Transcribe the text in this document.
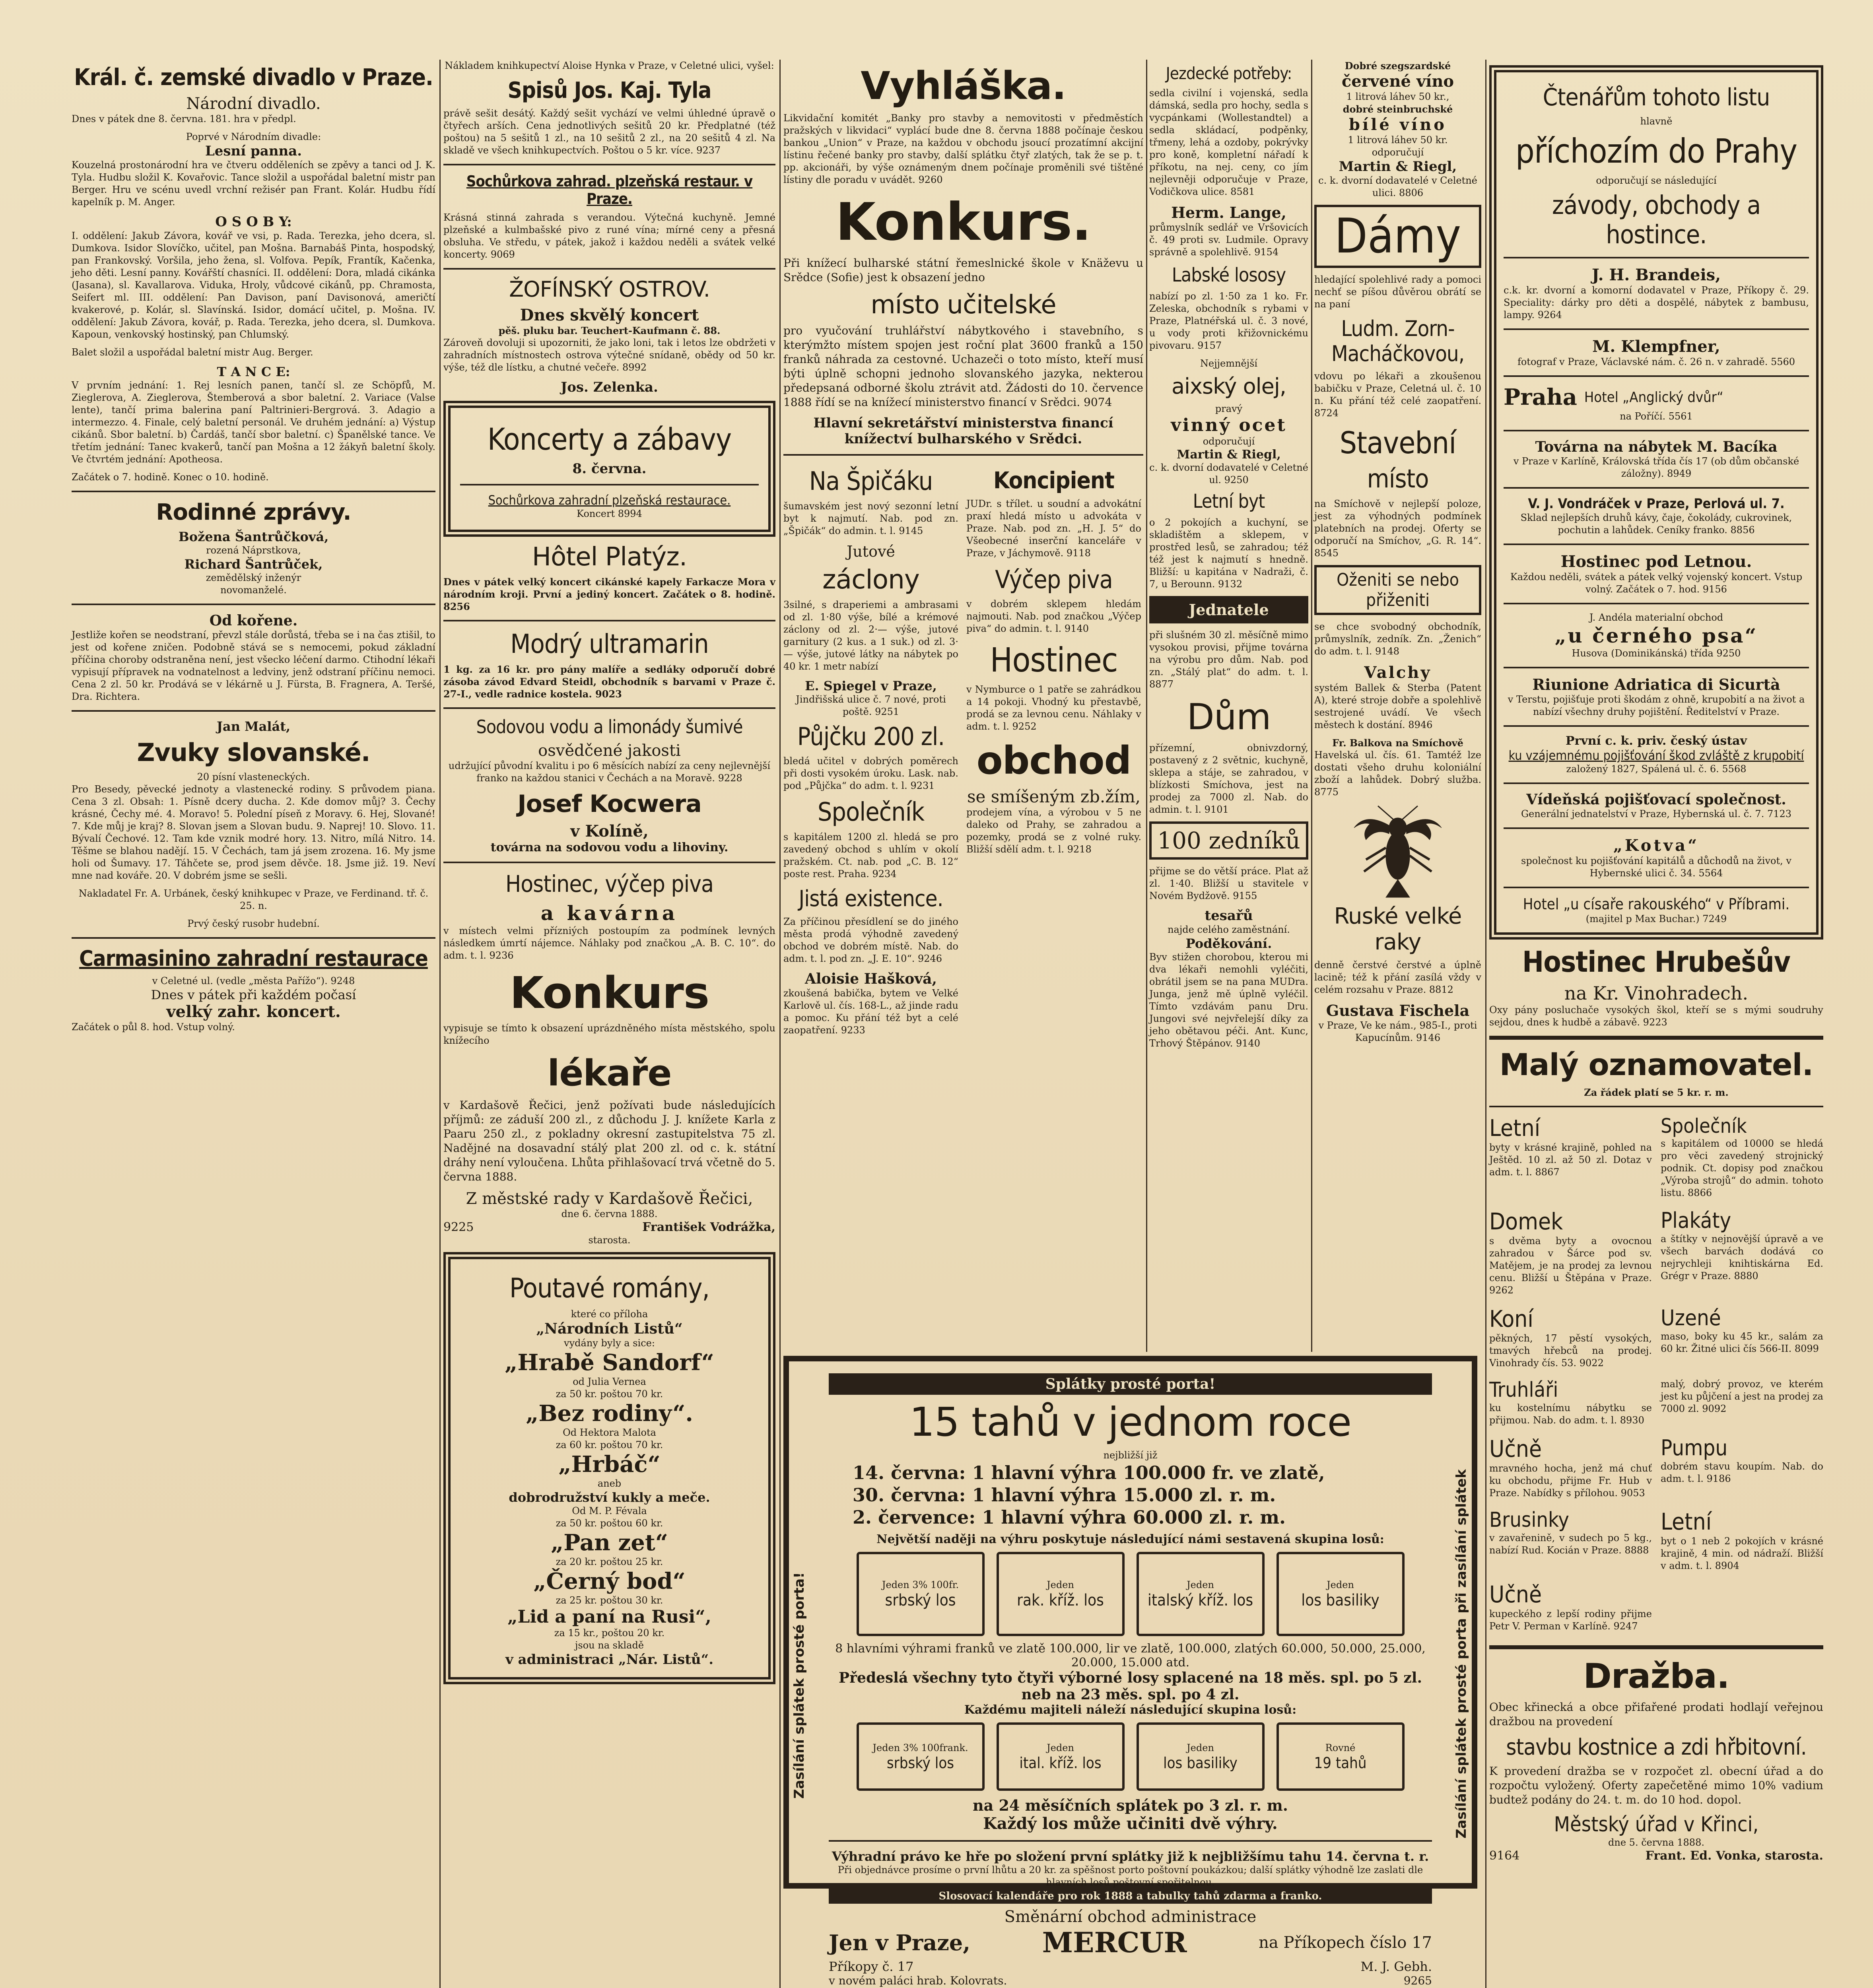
Král. č. zemské divadlo v Praze.
Národní divadlo.
Dnes v pátek dne 8. června. 181. hra v předpl.
Poprvé v Národním divadle:
Lesní panna.

Kouzelná prostonárodní hra ve čtveru odděleních se zpěvy a tanci od J. K. Tyla. Hudbu složil K. Kovařovic. Tance složil a uspořádal baletní mistr pan Berger. Hru ve scénu uvedl vrchní režisér pan Frant. Kolár. Hudbu řídí kapelník p. M. Anger.

O S O B Y:

I. oddělení: Jakub Závora, kovář ve vsi, p. Rada. Terezka, jeho dcera, sl. Dumkova. Isidor Slovíčko, učitel, pan Mošna. Barnabáš Pinta, hospodský, pan Frankovský. Voršila, jeho žena, sl. Volfova. Pepík, Frantík, Kačenka, jeho děti. Lesní panny. Kovářští chasníci. II. oddělení: Dora, mladá cikánka (Jasana), sl. Kavallarova. Viduka, Hroly, vůdcové cikánů, pp. Chramosta, Seifert ml. III. oddělení: Pan Davison, paní Davisonová, američtí kvakerové, p. Kolár, sl. Slavínská. Isidor, domácí učitel, p. Mošna. IV. oddělení: Jakub Závora, kovář, p. Rada. Terezka, jeho dcera, sl. Dumkova. Kapoun, venkovský hostinský, pan Chlumský.

Balet složil a uspořádal baletní mistr Aug. Berger.

T A N C E:

V prvním jednání: 1. Rej lesních panen, tančí sl. ze Schöpfů, M. Zieglerova, A. Zieglerova, Štemberová a sbor baletní. 2. Variace (Valse lente), tančí prima balerina paní Paltrinieri-Bergrová. 3. Adagio a intermezzo. 4. Finale, celý baletní personál. Ve druhém jednání: a) Výstup cikánů. Sbor baletní. b) Čardáš, tančí sbor baletní. c) Španělské tance. Ve třetím jednání: Tanec kvakerů, tančí pan Mošna a 12 žákyň baletní školy. Ve čtvrtém jednání: Apotheosa.

Začátek o 7. hodině. Konec o 10. hodině.
Rodinné zprávy.
Božena Šantrůčková,
rozená Náprstkova,
Richard Šantrůček,
zemědělský inženýr
novomanželé.
Od kořene.

Jestliže kořen se neodstraní, převzl stále dorůstá, třeba se i na čas ztišil, to jest od kořene zničen. Podobně stává se s nemocemi, pokud základní příčina choroby odstraněna není, jest všecko léčení darmo. Ctihodní lékaři vypisují přípravek na vodnatelnost a ledviny, jenž odstraní příčinu nemoci. Cena 2 zl. 50 kr. Prodává se v lékárně u J. Fürsta, B. Fragnera, A. Teršé, Dra. Richtera.

Jan Malát,
Zvuky slovanské.
20 písní vlasteneckých.

Pro Besedy, pěvecké jednoty a vlastenecké rodiny. S průvodem piana. Cena 3 zl. Obsah: 1. Písně dcery ducha. 2. Kde domov můj? 3. Čechy krásné, Čechy mé. 4. Moravo! 5. Polední píseň z Moravy. 6. Hej, Slované! 7. Kde můj je kraj? 8. Slovan jsem a Slovan budu. 9. Naprej! 10. Slovo. 11. Bývalí Čechové. 12. Tam kde vznik modré hory. 13. Nitro, mílá Nitro. 14. Těšme se blahou nadějí. 15. V Čechách, tam já jsem zrozena. 16. My jsme holi od Šumavy. 17. Táhčete se, prod jsem děvče. 18. Jsme již. 19. Neví mne nad kováře. 20. V dobrém jsme se sešli.

Nakladatel Fr. A. Urbánek, český knihkupec v Praze, ve Ferdinand. tř. č. 25. n.

Prvý český rusobr hudební.
Carmasinino zahradní restaurace
v Celetné ul. (vedle „města Pařížo“). 9248
Dnes v pátek při každém počasí
velký zahr. koncert.
Začátek o půl 8. hod. Vstup volný.

Nákladem knihkupectví Aloise Hynka v Praze, v Celetné ulici, vyšel:

Spisů Jos. Kaj. Tyla

právě sešit desátý. Každý sešit vychází ve velmi úhledné úpravě o čtyřech arších. Cena jednotlivých sešitů 20 kr. Předplatné (též poštou) na 5 sešitů 1 zl., na 10 sešitů 2 zl., na 20 sešitů 4 zl. Na skladě ve všech knihkupectvích. Poštou o 5 kr. více. 9237

Sochůrkova zahrad. plzeňská restaur. v Praze.

Krásná stinná zahrada s verandou. Výtečná kuchyně. Jemné plzeňské a kulmbašské pivo z runé vína; mírné ceny a přesná obsluha. Ve středu, v pátek, jakož i každou neděli a svátek velké koncerty. 9069

ŽOFÍNSKÝ OSTROV.
Dnes skvělý koncert
pěš. pluku bar. Teuchert-Kaufmann č. 88.

Zároveň dovoluji si upozorniti, že jako loni, tak i letos lze obdržeti v zahradních místnostech ostrova výtečné snídaně, obědy od 50 kr. výše, též dle lístku, a chutné večeře. 8992

Jos. Zelenka.
Koncerty a zábavy
8. června.
Sochůrkova zahradní plzeňská restaurace.
Koncert 8994
Hôtel Platýz.

Dnes v pátek velký koncert cikánské kapely Farkacze Mora v národním kroji. První a jediný koncert. Začátek o 8. hodině. 8256

Modrý ultramarin

1 kg. za 16 kr. pro pány malíře a sedláky odporučí dobré zásoba závod Edvard Steidl, obchodník s barvami v Praze č. 27-I., vedle radnice kostela. 9023

Sodovou vodu a limonády šumivé
osvědčené jakosti

udržující původní kvalitu i po 6 měsících nabízí za ceny nejlevnější franko na každou stanici v Čechách a na Moravě. 9228

Josef Kocwera
v Kolíně,
továrna na sodovou vodu a lihoviny.
Hostinec, výčep piva
a kavárna

v místech velmi přízniých postoupím za podmínek levných následkem úmrtí nájemce. Náhlaky pod značkou „A. B. C. 10“. do adm. t. l. 9236

Konkurs

vypisuje se tímto k obsazení uprázdněného místa městského, spolu knížecího

lékaře

v Kardašově Řečici, jenž požívati bude následujících příjmů: ze záduší 200 zl., z důchodu J. J. knížete Karla z Paaru 250 zl., z pokladny okresní zastupitelstva 75 zl. Nadějné na dosavadní stálý plat 200 zl. od c. k. státní dráhy není vyloučena. Lhůta přihlašovací trvá včetně do 5. června 1888.

Z městské rady v Kardašově Řečici,
dne 6. června 1888.
9225	František Vodrážka,
starosta.
Poutavé romány,
které co příloha
„Národních Listů“
vydány byly a sice:
„Hrabě Sandorf“
od Julia Vernea
za 50 kr. poštou 70 kr.
„Bez rodiny“.
Od Hektora Malota
za 60 kr. poštou 70 kr.
„Hrbáč“
aneb
dobrodružství kukly a meče.
Od M. P. Févala
za 50 kr. poštou 60 kr.
„Pan zet“
za 20 kr. poštou 25 kr.
„Černý bod“
za 25 kr. poštou 30 kr.
„Lid a paní na Rusi“,
za 15 kr., poštou 20 kr.
jsou na skladě
v administraci „Nár. Listů“.
Vyhláška.

Likvidační komitét „Banky pro stavby a nemovitosti v předměstích pražských v likvidaci“ vyplácí bude dne 8. června 1888 počínaje českou bankou „Union“ v Praze, na každou v obchodu jsoucí prozatímní akcijní lístinu řečené banky pro stavby, další splátku čtyř zlatých, tak že se p. t. pp. akcionáři, by výše oznámeným dnem počínaje proměnili své tištěné lístiny dle poradu v uvádět. 9260

Konkurs.

Při knížecí bulharské státní řemeslnické škole v Knäževu u Srědce (Sofie) jest k obsazení jedno

místo učitelské

pro vyučování truhlářství nábytkového i stavebního, s kterýmžto místem spojen jest roční plat 3600 franků a 150 franků náhrada za cestovné. Uchazeči o toto místo, kteří musí býti úplně schopni jednoho slovanského jazyka, nekterou předepsaná odborné školu ztrávit atd. Žádosti do 10. července 1888 řídí se na knížecí ministerstvo financí v Srědci. 9074

Hlavní sekretářství ministerstva financí knížectví bulharského v Srědci.
Na Špičáku

šumavském jest nový sezonní letní byt k najmutí. Nab. pod zn. „Špičák“ do admin. t. l. 9145

Jutové
záclony

3silné, s draperiemi a ambrasami od zl. 1·80 výše, bílé a krémové záclony od zl. 2·— výše, jutové garnitury (2 kus. a 1 suk.) od zl. 3·— výše, jutové látky na nábytek po 40 kr. 1 metr nabízí

E. Spiegel v Praze,
Jindřišská ulice č. 7 nové, proti poště. 9251
Půjčku 200 zl.

bledá učitel v dobrých poměrech při dosti vysokém úroku. Lask. nab. pod „Půjčka“ do adm. t. l. 9231

Společník

s kapitálem 1200 zl. hledá se pro zavedený obchod s uhlím v okolí pražském. Ct. nab. pod „C. B. 12“ poste rest. Praha. 9234

Jistá existence.

Za příčinou přesídlení se do jiného města prodá výhodně zavedený obchod ve dobrém místě. Nab. do adm. t. l. pod zn. „J. E. 10“. 9246

Aloisie Hašková,

zkoušená babička, bytem ve Velké Karlově ul. čís. 168-L., až jinde radu a pomoc. Ku přání též byt a celé zaopatření. 9233

Koncipient

JUDr. s třílet. u soudní a advokátní praxí hledá místo u advokáta v Praze. Nab. pod zn. „H. J. 5“ do Všeobecné inserční kanceláře v Praze, v Jáchymově. 9118

Výčep piva

v dobrém sklepem hledám najmouti. Nab. pod značkou „Výčep piva“ do admin. t. l. 9140

Hostinec

v Nymburce o 1 patře se zahrádkou a 14 pokoji. Vhodný ku přestavbě, prodá se za levnou cenu. Náhlaky v adm. t. l. 9252

obchod
se smíšeným zb.žím,

prodejem vína, a výrobou v 5 ne daleko od Prahy, se zahradou a pozemky, prodá se z volné ruky. Bližší sdělí adm. t. l. 9218

Jezdecké potřeby:

sedla civilní i vojenská, sedla dámská, sedla pro hochy, sedla s vycpánkami (Wollestandtel) a sedla skládací, podpěnky, třmeny, lehá a ozdoby, pokrývky pro koně, kompletní nářadí k příkotu, na nej. ceny, co jím nejlevněji odporučuje v Praze, Vodičkova ulice. 8581

Herm. Lange,

průmyslník sedlář ve Vršovicích č. 49 proti sv. Ludmile. Opravy správně a spolehlivě. 9154

Labské lososy

nabízí po zl. 1·50 za 1 ko. Fr. Zeleska, obchodník s rybami v Praze, Platnéřská ul. č. 3 nové, u vody proti křižovnickému pivovaru. 9157

Nejjemnější
aixský olej,
pravý
vinný ocet
odporučují
Martin & Riegl,
c. k. dvorní dodavatelé v Celetné ul. 9250
Letní byt

o 2 pokojích a kuchyní, se skladištěm a sklepem, v prostřed lesů, se zahradou; též též jest k najmutí s hnedně. Bližší: u kapitána v Nadraži, č. 7, u Berounn. 9132

Jednatele

při slušném 30 zl. měsíčně mimo vysokou provisi, přijme továrna na výrobu pro dům. Nab. pod zn. „Stálý plat“ do adm. t. l. 8877

Dům

přízemní, obnivzdorný, postavený z 2 světnic, kuchyně, sklepa a stáje, se zahradou, v blízkosti Smíchova, jest na prodej za 7000 zl. Nab. do admin. t. l. 9101

100 zedníků

přijme se do větší práce. Plat až zl. 1·40. Bližší u stavitele v Novém Bydžově. 9155

tesařů
najde celého zaměstnání.
Poděkování.

Byv stižen chorobou, kterou mi dva lékaři nemohli vyléčiti, obrátil jsem se na pana MUDra. Junga, jenž mě úplně vyléčil. Tímto vzdávám panu Dru. Jungovi své nejvřelejší díky za jeho obětavou péči. Ant. Kunc, Trhový Štěpánov. 9140

Dobré szegszardské
červené víno
1 litrová láhev 50 kr.,
dobré steinbruchské
bílé víno
1 litrová láhev 50 kr.
odporučují
Martin & Riegl,
c. k. dvorní dodavatelé v Celetné ulici. 8806
Dámy

hledající spolehlivé rady a pomoci nechť se píšou důvěrou obrátí se na paní

Ludm. Zorn-Macháčkovou,

vdovu po lékaři a zkoušenou babičku v Praze, Celetná ul. č. 10 n. Ku přání též celé zaopatření. 8724

Stavební
místo

na Smíchově v nejlepší poloze, jest za výhodných podmínek platebních na prodej. Oferty se odporučí na Smíchov, „G. R. 14“. 8545

Oženiti se nebo přiženiti

se chce svobodný obchodník, průmyslník, zedník. Zn. „Ženich“ do adm. t. l. 9148

Valchy

systém Ballek & Sterba (Patent A), které stroje dobře a spolehlivě sestrojené uvádí. Ve všech městech k dostání. 8946

Fr. Balkova na Smíchově

Havelská ul. čís. 61. Tamtéž lze dostati všeho druhu koloniální zboží a lahůdek. Dobrý služba. 8775

Ruské velké raky

denně čerstvé čerstvé a úplně lacině; též k přání zasílá vždy v celém rozsahu v Praze. 8812

Gustava Fischela
v Praze, Ve ke nám., 985-I., proti Kapucínům. 9146
Čtenářům tohoto listu
hlavně
příchozím do Prahy
odporučují se následující
závody, obchody a hostince.
J. H. Brandeis,

c.k. kr. dvorní a komorní dodavatel v Praze, Příkopy č. 29. Speciality: dárky pro děti a dospělé, nábytek z bambusu, lampy. 9264

M. Klempfner,

fotograf v Praze, Václavské nám. č. 26 n. v zahradě. 5560

Praha Hotel „Anglický dvůr“
na Poříčí. 5561
Továrna na nábytek M. Bacíka

v Praze v Karlíně, Královská třída čís 17 (ob dům občanské záložny). 8949

V. J. Vondráček v Praze, Perlová ul. 7.

Sklad nejlepších druhů kávy, čaje, čokolády, cukrovinek, pochutin a lahůdek. Ceníky franko. 8856

Hostinec pod Letnou.

Každou neděli, svátek a pátek velký vojenský koncert. Vstup volný. Začátek o 7. hod. 9156

J. Andéla materialní obchod
„u černého psa“
Husova (Dominikánská) třída 9250
Riunione Adriatica di Sicurtà

v Terstu, pojišťuje proti škodám z ohně, krupobití a na život a nabízí všechny druhy pojištění. Ředitelství v Praze.

První c. k. priv. český ústav
ku vzájemnému pojišťování škod zvláště z krupobití
založený 1827, Spálená ul. č. 6. 5568
Vídeňská pojišťovací společnost.

Generální jednatelství v Praze, Hybernská ul. č. 7. 7123

„Kotva“

společnost ku pojišťování kapitálů a důchodů na život, v Hybernské ulici č. 34. 5564

Hotel „u císaře rakouského“ v Příbrami.
(majitel p Max Buchar.) 7249
Hostinec Hrubešův
na Kr. Vinohradech.

Oxy pány posluchače vysokých škol, kteří se s mými soudruhy sejdou, dnes k hudbě a zábavě. 9223

Malý oznamovatel.
Za řádek platí se 5 kr. r. m.
Letní

byty v krásné krajině, pohled na Ještěd. 10 zl. až 50 zl. Dotaz v adm. t. l. 8867

Společník

s kapitálem od 10000 se hledá pro věci zavedený strojnický podnik. Ct. dopisy pod značkou „Výroba strojů“ do admin. tohoto listu. 8866

Domek

s dvěma byty a ovocnou zahradou v Šárce pod sv. Matějem, je na prodej za levnou cenu. Bližší u Štěpána v Praze. 9262

Plakáty

a štítky v nejnovější úpravě a ve všech barvách dodává co nejrychleji knihtiskárna Ed. Grégr v Praze. 8880

Koní

pěkných, 17 pěstí vysokých, tmavých hřebců na prodej. Vinohrady čís. 53. 9022

Uzené

maso, boky ku 45 kr., salám za 60 kr. Žitné ulici čís 566-II. 8099

Truhláři

ku kostelnímu nábytku se přijmou. Nab. do adm. t. l. 8930

malý, dobrý provoz, ve kterém jest ku půjčení a jest na prodej za 7000 zl. 9092

Učně

mravného hocha, jenž má chuť ku obchodu, přijme Fr. Hub v Praze. Nabídky s přílohou. 9053

Pumpu

dobrém stavu koupím. Nab. do adm. t. l. 9186

Brusinky

v zavařenině, v sudech po 5 kg., nabízí Rud. Kocián v Praze. 8888

Letní

byt o 1 neb 2 pokojích v krásné krajině, 4 min. od nádraží. Bližší v adm. t. l. 8904

Učně

kupeckého z lepší rodiny přijme Petr V. Perman v Karlíně. 9247

Dražba.

Obec křinecká a obce přifařené prodati hodlají veřejnou dražbou na provedení

stavbu kostnice a zdi hřbitovní.

K provedení dražba se v rozpočet zl. obecní úřad a do rozpočtu vyložený. Oferty zapečetěné mimo 10% vadium budtež podány do 24. t. m. do 10 hod. dopol.

Městský úřad v Křinci,
dne 5. června 1888.
9164	Frant. Ed. Vonka, starosta.
Zasílání splátek prosté porta!	Zasílání splátek prosté porta při zasílání splátek
Splátky prosté porta!
15 tahů v jednom roce
nejbližší již
14. června: 1 hlavní výhra 100.000 fr. ve zlatě,
30. června: 1 hlavní výhra 15.000 zl. r. m.
2. července: 1 hlavní výhra 60.000 zl. r. m.
Největší naději na výhru poskytuje následující námi sestavená skupina losů:
Jeden 3% 100fr.
srbský los
Jeden
rak. kříž. los
Jeden
italský kříž. los
Jeden
los basiliky
8 hlavními výhrami franků ve zlatě 100.000, lir ve zlatě, 100.000, zlatých 60.000, 50.000, 25.000, 20.000, 15.000 atd.
Předeslá všechny tyto čtyři výborné losy splacené na 18 měs. spl. po 5 zl. neb na 23 měs. spl. po 4 zl.
Každému majiteli náleží následující skupina losů:
Jeden 3% 100frank.
srbský los
Jeden
ital. kříž. los
Jeden
los basiliky
Rovné
19 tahů
na 24 měsíčních splátek po 3 zl. r. m.
Každý los může učiniti dvě výhry.
Výhradní právo ke hře po složení první splátky již k nejbližšímu tahu 14. června t. r.
Při objednávce prosíme o první lhůtu a 20 kr. za spěšnost porto poštovní poukázkou; další splátky výhodně lze zaslati dle hlavních losů poštovní spořitelnou.
Slosovací kalendáře pro rok 1888 a tabulky tahů zdarma a franko.
Směnární obchod administrace
Jen v Praze,	MERCUR	na Příkopech číslo 17
Příkopy č. 17	M. J. Gebh.
v novém paláci hrab. Kolovrats.	9265
